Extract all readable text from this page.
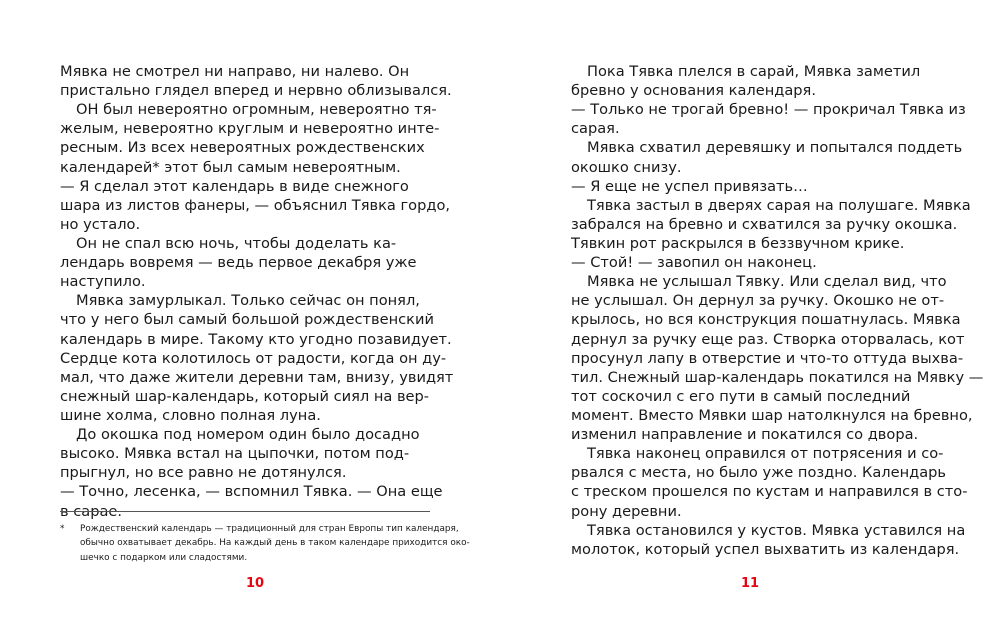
Мявка не смотрел ни направо, ни налево. Он
пристально глядел вперед и нервно облизывался.
ОН был невероятно огромным, невероятно тя-
желым, невероятно круглым и невероятно инте-
ресным. Из всех невероятных рождественских
календарей* этот был самым невероятным.
— Я сделал этот календарь в виде снежного
шара из листов фанеры, — объяснил Тявка гордо,
но устало.
Он не спал всю ночь, чтобы доделать ка-
лендарь вовремя — ведь первое декабря уже
наступило.
Мявка замурлыкал. Только сейчас он понял,
что у него был самый большой рождественский
календарь в мире. Такому кто угодно позавидует.
Сердце кота колотилось от радости, когда он ду-
мал, что даже жители деревни там, внизу, увидят
снежный шар-календарь, который сиял на вер-
шине холма, словно полная луна.
До окошка под номером один было досадно
высоко. Мявка встал на цыпочки, потом под-
прыгнул, но все равно не дотянулся.
— Точно, лесенка, — вспомнил Тявка. — Она еще
в сарае.
* Рождественский календарь — традиционный для стран Европы тип календаря,
обычно охватывает декабрь. На каждый день в таком календаре приходится око-
шечко с подарком или сладостями.
10
Пока Тявка плелся в сарай, Мявка заметил
бревно у основания календаря.
— Только не трогай бревно! — прокричал Тявка из
сарая.
Мявка схватил деревяшку и попытался поддеть
окошко снизу.
— Я еще не успел привязать…
Тявка застыл в дверях сарая на полушаге. Мявка
забрался на бревно и схватился за ручку окошка.
Тявкин рот раскрылся в беззвучном крике.
— Стой! — завопил он наконец.
Мявка не услышал Тявку. Или сделал вид, что
не услышал. Он дернул за ручку. Окошко не от-
крылось, но вся конструкция пошатнулась. Мявка
дернул за ручку еще раз. Створка оторвалась, кот
просунул лапу в отверстие и что-то оттуда выхва-
тил. Снежный шар-календарь покатился на Мявку —
тот соскочил с его пути в самый последний
момент. Вместо Мявки шар натолкнулся на бревно,
изменил направление и покатился со двора.
Тявка наконец оправился от потрясения и со-
рвался с места, но было уже поздно. Календарь
с треском прошелся по кустам и направился в сто-
рону деревни.
Тявка остановился у кустов. Мявка уставился на
молоток, который успел выхватить из календаря.
11
